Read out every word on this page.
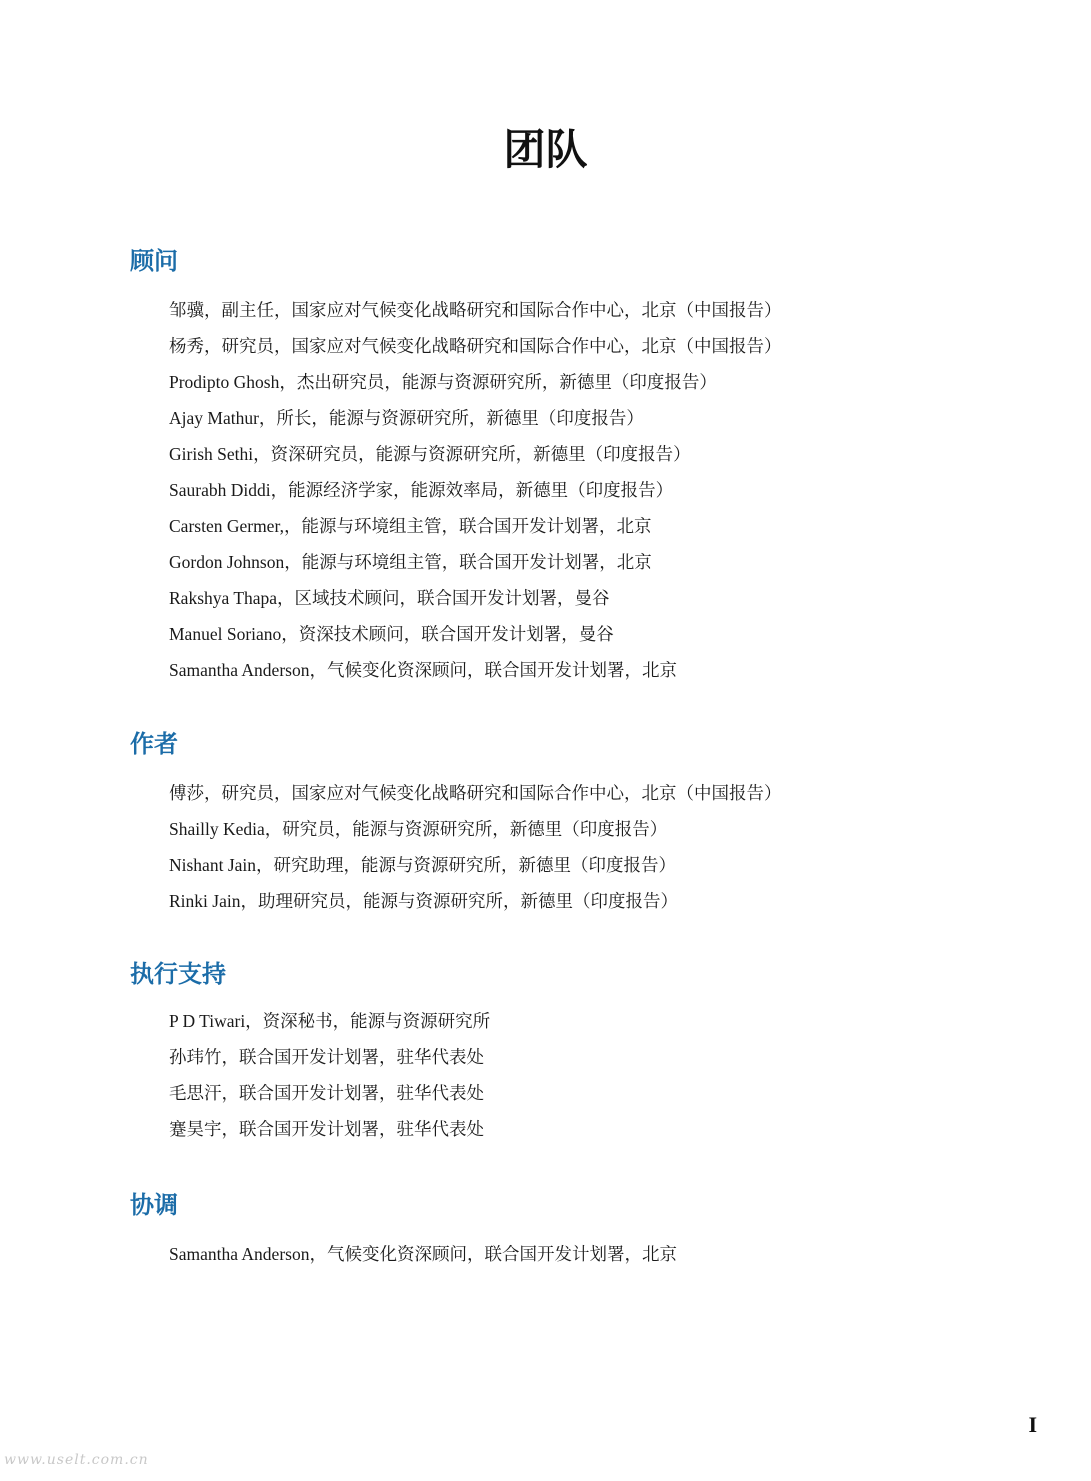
团队
顾问
邹骥，副主任，国家应对气候变化战略研究和国际合作中心，北京（中国报告）
杨秀，研究员，国家应对气候变化战略研究和国际合作中心，北京（中国报告）
Prodipto Ghosh，杰出研究员，能源与资源研究所，新德里（印度报告）
Ajay Mathur，所长，能源与资源研究所，新德里（印度报告）
Girish Sethi，资深研究员，能源与资源研究所，新德里（印度报告）
Saurabh Diddi，能源经济学家，能源效率局，新德里（印度报告）
Carsten Germer,，能源与环境组主管，联合国开发计划署，北京
Gordon Johnson，能源与环境组主管，联合国开发计划署，北京
Rakshya Thapa，区域技术顾问，联合国开发计划署，曼谷
Manuel Soriano，资深技术顾问，联合国开发计划署，曼谷
Samantha Anderson，气候变化资深顾问，联合国开发计划署，北京
作者
傅莎，研究员，国家应对气候变化战略研究和国际合作中心，北京（中国报告）
Shailly Kedia，研究员，能源与资源研究所，新德里（印度报告）
Nishant Jain，研究助理，能源与资源研究所，新德里（印度报告）
Rinki Jain，助理研究员，能源与资源研究所，新德里（印度报告）
执行支持
P D Tiwari，资深秘书，能源与资源研究所
孙玮竹，联合国开发计划署，驻华代表处
毛思汗，联合国开发计划署，驻华代表处
蹇昊宇，联合国开发计划署，驻华代表处
协调
Samantha Anderson，气候变化资深顾问，联合国开发计划署，北京
I
www.uselt.com.cn
